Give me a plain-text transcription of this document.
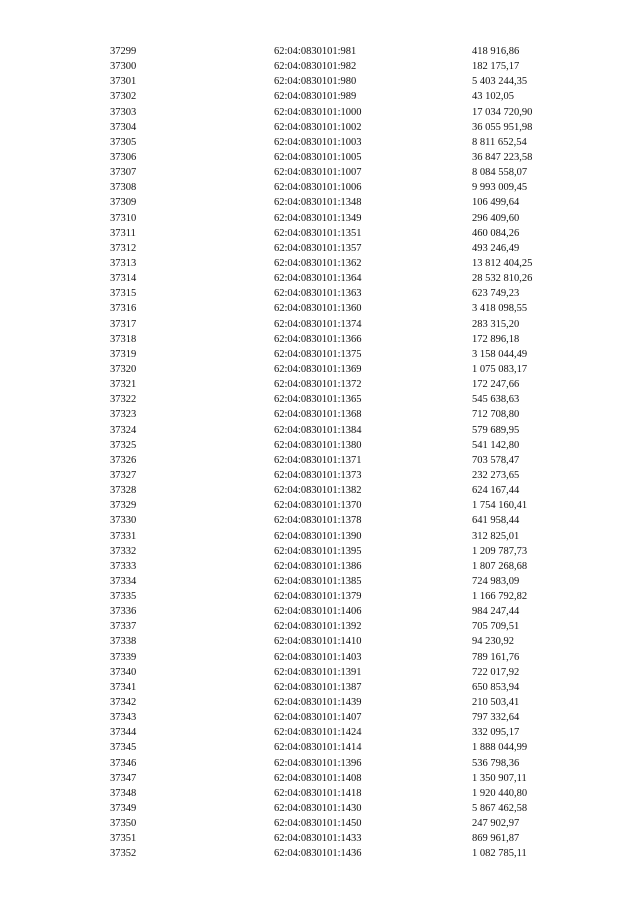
37299	62:04:0830101:981	418 916,86
37300	62:04:0830101:982	182 175,17
37301	62:04:0830101:980	5 403 244,35
37302	62:04:0830101:989	43 102,05
37303	62:04:0830101:1000	17 034 720,90
37304	62:04:0830101:1002	36 055 951,98
37305	62:04:0830101:1003	8 811 652,54
37306	62:04:0830101:1005	36 847 223,58
37307	62:04:0830101:1007	8 084 558,07
37308	62:04:0830101:1006	9 993 009,45
37309	62:04:0830101:1348	106 499,64
37310	62:04:0830101:1349	296 409,60
37311	62:04:0830101:1351	460 084,26
37312	62:04:0830101:1357	493 246,49
37313	62:04:0830101:1362	13 812 404,25
37314	62:04:0830101:1364	28 532 810,26
37315	62:04:0830101:1363	623 749,23
37316	62:04:0830101:1360	3 418 098,55
37317	62:04:0830101:1374	283 315,20
37318	62:04:0830101:1366	172 896,18
37319	62:04:0830101:1375	3 158 044,49
37320	62:04:0830101:1369	1 075 083,17
37321	62:04:0830101:1372	172 247,66
37322	62:04:0830101:1365	545 638,63
37323	62:04:0830101:1368	712 708,80
37324	62:04:0830101:1384	579 689,95
37325	62:04:0830101:1380	541 142,80
37326	62:04:0830101:1371	703 578,47
37327	62:04:0830101:1373	232 273,65
37328	62:04:0830101:1382	624 167,44
37329	62:04:0830101:1370	1 754 160,41
37330	62:04:0830101:1378	641 958,44
37331	62:04:0830101:1390	312 825,01
37332	62:04:0830101:1395	1 209 787,73
37333	62:04:0830101:1386	1 807 268,68
37334	62:04:0830101:1385	724 983,09
37335	62:04:0830101:1379	1 166 792,82
37336	62:04:0830101:1406	984 247,44
37337	62:04:0830101:1392	705 709,51
37338	62:04:0830101:1410	94 230,92
37339	62:04:0830101:1403	789 161,76
37340	62:04:0830101:1391	722 017,92
37341	62:04:0830101:1387	650 853,94
37342	62:04:0830101:1439	210 503,41
37343	62:04:0830101:1407	797 332,64
37344	62:04:0830101:1424	332 095,17
37345	62:04:0830101:1414	1 888 044,99
37346	62:04:0830101:1396	536 798,36
37347	62:04:0830101:1408	1 350 907,11
37348	62:04:0830101:1418	1 920 440,80
37349	62:04:0830101:1430	5 867 462,58
37350	62:04:0830101:1450	247 902,97
37351	62:04:0830101:1433	869 961,87
37352	62:04:0830101:1436	1 082 785,11
